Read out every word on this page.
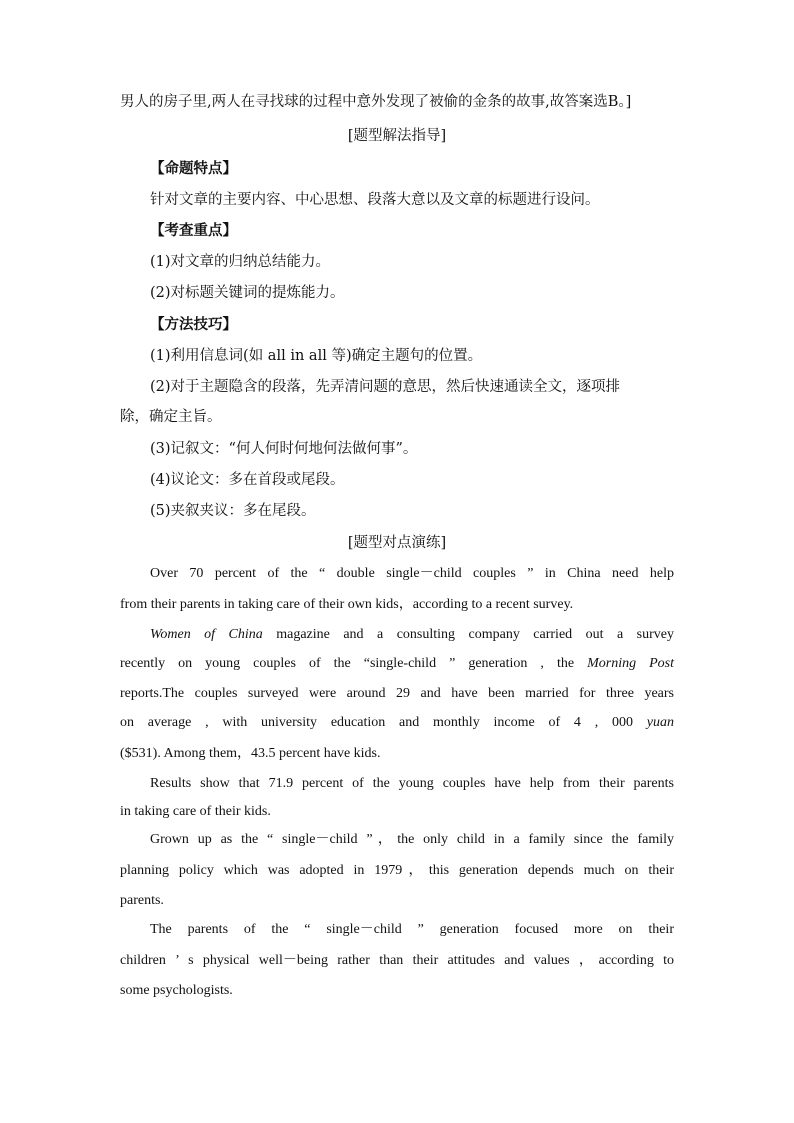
男人的房子里,两人在寻找球的过程中意外发现了被偷的金条的故事,故答案选B。]
[题型解法指导]
【命题特点】
针对文章的主要内容、中心思想、段落大意以及文章的标题进行设问。
【考查重点】
(1)对文章的归纳总结能力。
(2)对标题关键词的提炼能力。
【方法技巧】
(1)利用信息词(如 all in all 等)确定主题句的位置。
(2)对于主题隐含的段落，先弄清问题的意思，然后快速通读全文，逐项排
除，确定主旨。
(3)记叙文：“何人何时何地何法做何事”。
(4)议论文：多在首段或尾段。
(5)夹叙夹议：多在尾段。
[题型对点演练]
Over 70 percent of the “ double single－child couples ” in China need help
from their parents in taking care of their own kids，according to a recent survey.
Women of China magazine and a consulting company carried out a survey
recently on young couples of the “single-child ” generation , the Morning Post
reports.The couples surveyed were around 29 and have been married for three years
on average , with university education and monthly income of 4 , 000 yuan
($531). Among them，43.5 percent have kids.
Results show that 71.9 percent of the young couples have help from their parents
in taking care of their kids.
Grown up as the “ single－child ”，the only child in a family since the family
planning policy which was adopted in 1979，this generation depends much on their
parents.
The parents of the “ single－child ” generation focused more on their
children ’ s physical well－being rather than their attitudes and values ，according to
some psychologists.
